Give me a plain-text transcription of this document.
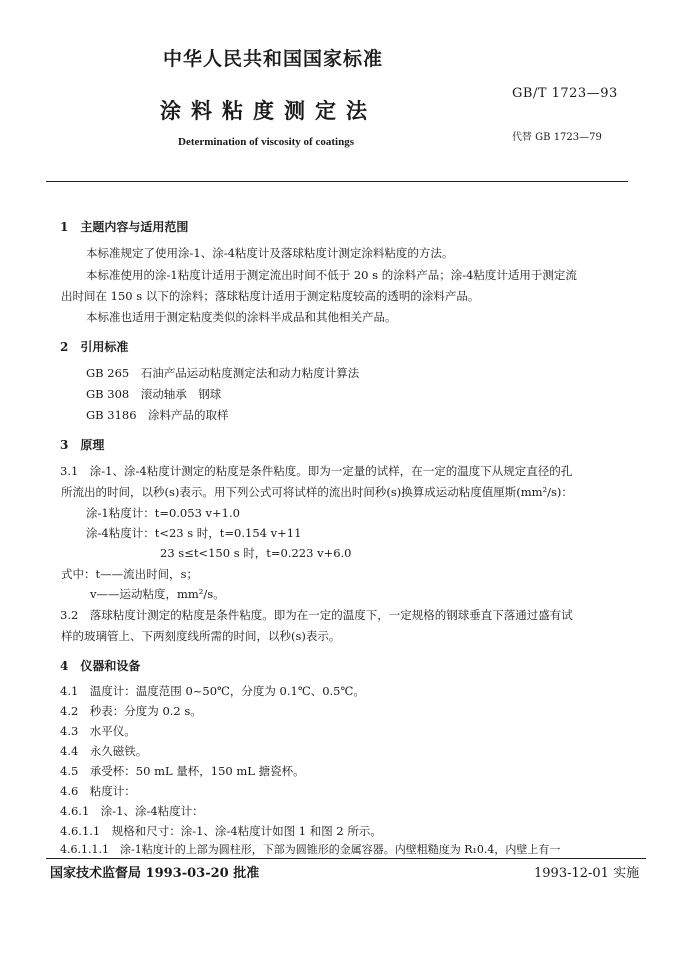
中华人民共和国国家标准
GB/T 1723—93
涂料粘度测定法
Determination of viscosity of coatings	代替 GB 1723—79
1　主题内容与适用范围
本标准规定了使用涂-1、涂-4粘度计及落球粘度计测定涂料粘度的方法。
本标准使用的涂-1粘度计适用于测定流出时间不低于 20 s 的涂料产品；涂-4粘度计适用于测定流
出时间在 150 s 以下的涂料；落球粘度计适用于测定粘度较高的透明的涂料产品。
本标准也适用于测定粘度类似的涂料半成品和其他相关产品。
2　引用标准
GB 265　石油产品运动粘度测定法和动力粘度计算法
GB 308　滚动轴承　钢球
GB 3186　涂料产品的取样
3　原理
3.1　涂-1、涂-4粘度计测定的粘度是条件粘度。即为一定量的试样，在一定的温度下从规定直径的孔
所流出的时间，以秒(s)表示。用下列公式可将试样的流出时间秒(s)换算成运动粘度值厘斯(mm²/s)：
涂-1粘度计：t=0.053 v+1.0
涂-4粘度计：t<23 s 时，t=0.154 v+11
23 s≤t<150 s 时，t=0.223 v+6.0
式中：t——流出时间，s；
v——运动粘度，mm²/s。
3.2　落球粘度计测定的粘度是条件粘度。即为在一定的温度下，一定规格的钢球垂直下落通过盛有试
样的玻璃管上、下两刻度线所需的时间，以秒(s)表示。
4　仪器和设备
4.1　温度计：温度范围 0~50℃，分度为 0.1℃、0.5℃。
4.2　秒表：分度为 0.2 s。
4.3　水平仪。
4.4　永久磁铁。
4.5　承受杯：50 mL 量杯，150 mL 搪瓷杯。
4.6　粘度计：
4.6.1　涂-1、涂-4粘度计：
4.6.1.1　规格和尺寸：涂-1、涂-4粘度计如图 1 和图 2 所示。
4.6.1.1.1　涂-1粘度计的上部为圆柱形，下部为圆锥形的金属容器。内壁粗糙度为 R₁0.4，内壁上有一
国家技术监督局 1993-03-20 批准	1993-12-01 实施
